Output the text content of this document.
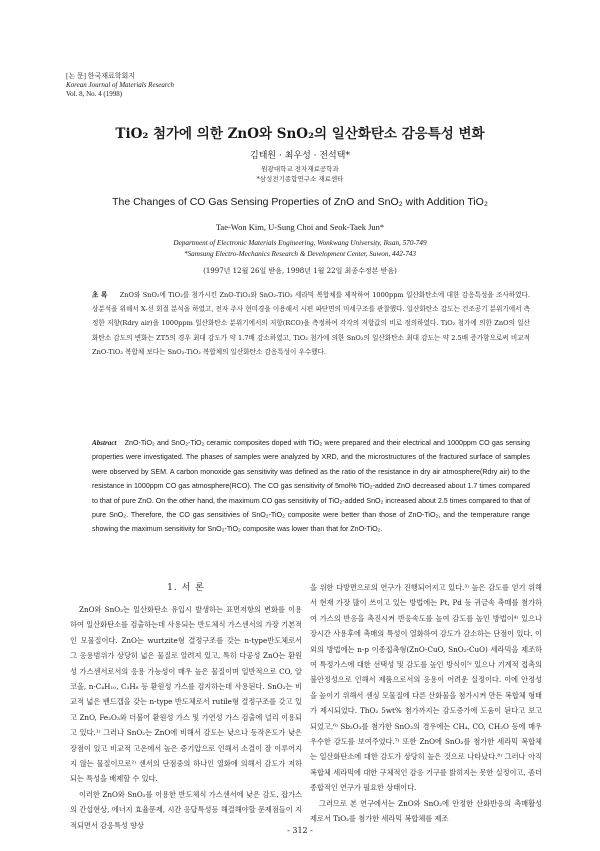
[논 문] 한국재료학회지
Korean Journal of Materials Research
Vol. 8, No. 4 (1998)
TiO₂ 첨가에 의한 ZnO와 SnO₂의 일산화탄소 감응특성 변화
김태원 · 최우성 · 전석택*
원광대학교 전자재료공학과
*삼성전기종합연구소 재료센타
The Changes of CO Gas Sensing Properties of ZnO and SnO₂ with Addition TiO₂
Tae-Won Kim, U-Sung Choi and Seok-Taek Jun*
Department of Electronic Materials Engineering, Wonkwang University, Iksan, 570-749
*Samsung Electro-Mechanics Research & Development Center, Suwon, 442-743
(1997년 12월 26일 받음, 1998년 1월 22일 최종수정본 받음)
초 록 ZnO와 SnO₂에 TiO₂를 첨가시킨 ZnO-TiO₂와 SnO₂-TiO₂ 세라믹 복합체를 제작하여 1000ppm 일산화탄소에 대한 감응특성을 조사하였다. 상분석을 위해서 X-선 회절 분석을 하였고, 전자 주사 현미경을 이용해서 시편 파단면의 미세구조를 관찰했다. 일산화탄소 감도는 건조공기 분위기에서 측정한 저항(Rdry air)을 1000ppm 일산화탄소 분위기에서의 저항(RCO)을 측정하여 각각의 저항값의 비로 정의하였다. TiO₂ 첨가에 의한 ZnO의 일산화탄소 감도의 변화는 ZT5의 경우 최대 감도가 약 1.7배 감소하였고, TiO₂ 첨가에 의한 SnO₂의 일산화탄소 최대 감도는 약 2.5배 증가함으로써 비교적 ZnO-TiO₂ 복합체 보다는 SnO₂-TiO₂ 복합체의 일산화탄소 감응특성이 우수했다.
Abstract ZnO-TiO₂ and SnO₂-TiO₂ ceramic composites doped with TiO₂ were prepared and their electrical and 1000ppm CO gas sensing properties were investigated. The phases of samples were analyzed by XRD, and the microstructures of the fractured surface of samples were observed by SEM. A carbon monoxide gas sensitivity was defined as the ratio of the resistance in dry air atmosphere(Rdry air) to the resistance in 1000ppm CO gas atmosphere(RCO). The CO gas sensitivity of 5mol% TiO₂-added ZnO decreased about 1.7 times compared to that of pure ZnO. On the other hand, the maximum CO gas sensitivity of TiO₂-added SnO₂ increased about 2.5 times compared to that of pure SnO₂. Therefore, the CO gas sensitivies of SnO₂-TiO₂ composite were better than those of ZnO-TiO₂, and the temperature range showing the maximum sensitivity for SnO₂-TiO₂ composite was lower than that for ZnO-TiO₂.
1. 서 론

ZnO와 SnO₂는 일산화탄소 유입시 발생하는 표면저항의 변화를 이용하여 일산화탄소를 검출하는데 사용되는 반도체식 가스센서의 가장 기본적인 모물질이다. ZnO는 wurtzite형 결정구조를 갖는 n-type반도체로서 그 응용범위가 상당히 넓은 물질로 알려져 있고, 특히 다공성 ZnO는 환원성 가스센서로서의 응용 가능성이 매우 높은 물질이며 일반적으로 CO, 알코올, n-C₄H₁₀, C₃H₈ 등 환원성 가스를 검지하는데 사용된다. SnO₂는 비교적 넓은 밴드갭을 갖는 n-type 반도체로서 rutile형 결정구조를 갖고 있고 ZnO, Fe₂O₃와 더불어 환원성 가스 및 가연성 가스 검출에 널리 이용되고 있다.¹⁾ 그러나 SnO₂는 ZnO에 비해서 감도는 낮으나 동작온도가 낮은 장점이 있고 비교적 고온에서 높은 증기압으로 인해서 소결이 잘 이루어지지 않는 물질이므로²⁾ 센서의 단점중의 하나인 열화에 의해서 감도가 저하되는 특성을 배제할 수 있다.

이러한 ZnO와 SnO₂를 이용한 반도체식 가스센서에 낮은 감도, 잡가스의 간섭현상, 에너지 효율문제, 시간 응답특성등 해결해야할 문제점들이 지적되면서 감응특성 향상

을 위한 다방면으로의 연구가 진행되어지고 있다.³⁾ 높은 감도를 얻기 위해서 현재 가장 많이 쓰이고 있는 방법에는 Pt, Pd 등 귀금속 촉매를 첨가하여 가스의 반응을 촉진시켜 반응속도를 높여 감도를 높인 방법이⁴⁾ 있으나 장시간 사용후에 촉매의 특성이 열화하여 감도가 감소하는 단점이 있다. 이외의 방법에는 n-p 이종접촉형(ZnO-CuO, SnO₂-CuO) 세라믹을 제조하여 특정가스에 대한 선택성 및 감도를 높인 방식이⁵⁾ 있으나 기계적 접촉의 불안정성으로 인해서 제품으로서의 응용이 어려운 실정이다. 이에 안정성을 높이기 위해서 센싱 모물질에 다른 산화물을 첨가시켜 만든 복합체 형태가 제시되었다. ThO₂ 5wt% 첨가까지는 감도증가에 도움이 된다고 보고되었고,⁶⁾ Sb₂O₃를 첨가한 SnO₂의 경우에는 CH₄, CO, CH₂O 등에 매우 우수한 감도를 보여주었다.⁷⁾ 또한 ZnO에 SnO₂를 첨가한 세라믹 복합체는 일산화탄소에 대한 감도가 상당히 높은 것으로 나타났다.⁸⁾ 그러나 아직 복합체 세라믹에 대한 구체적인 감응 기구를 밝히지는 못한 실정이고, 좀더 종합적인 연구가 필요한 상태이다.

그러므로 본 연구에서는 ZnO와 SnO₂에 안정한 산화반응의 촉매활성제로서 TiO₂를 첨가한 세라믹 복합체를 제조

- 312 -
